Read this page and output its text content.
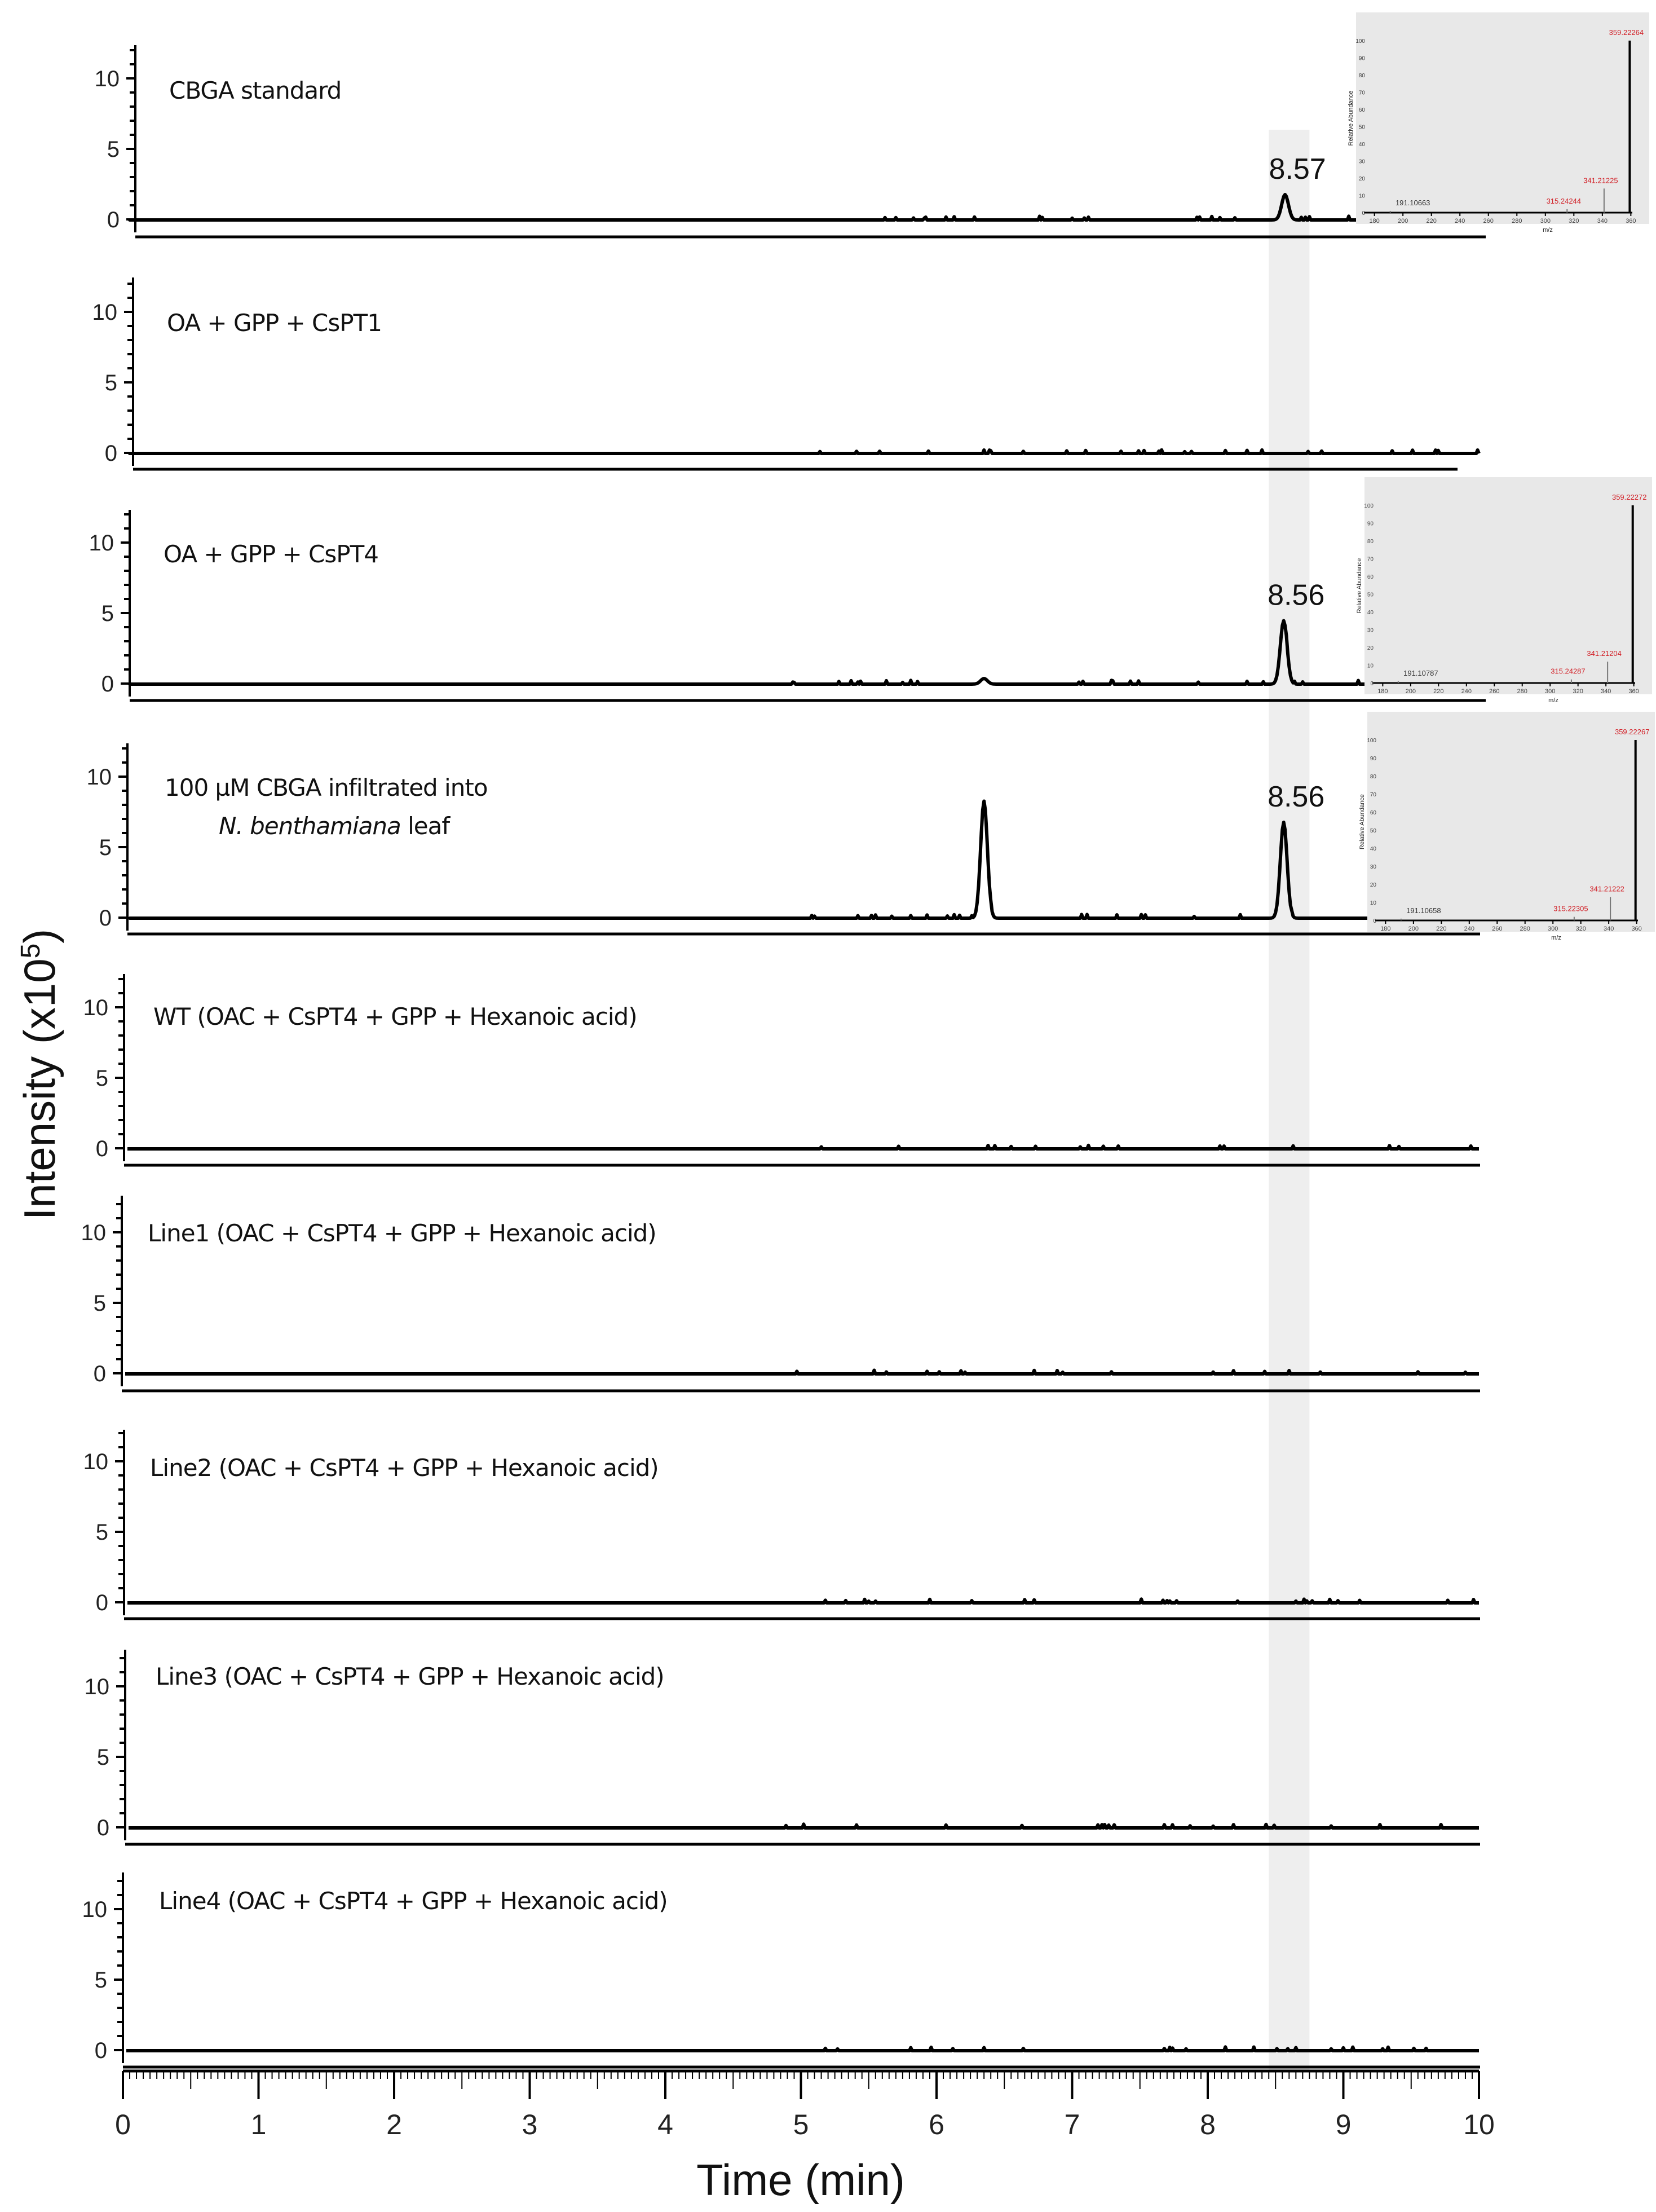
0
5
10
8.57
0
5
10
0
5
10
8.56
0
5
10
8.56
0
5
10
0
5
10
0
5
10
0
5
10
0
5
10
0	1	2	3	4	5	6	7	8	9	10
180	200	220	240	260	280	300	320	340	360
0
10
20
30
40
50
60
70
80
90
100
Relative Abundance
m/z
359.22264
341.21225
315.24244
191.10663
180	200	220	240	260	280	300	320	340	360
0
10
20
30
40
50
60
70
80
90
100
Relative Abundance
m/z
359.22272
341.21204
315.24287
191.10787
180	200	220	240	260	280	300	320	340	360
0
10
20
30
40
50
60
70
80
90
100
Relative Abundance
m/z
359.22267
341.21222
315.22305
191.10658
CBGA standard
OA + GPP + CsPT1
OA + GPP + CsPT4
100 µM CBGA infiltrated into
N. benthamiana leaf
WT (OAC + CsPT4 + GPP + Hexanoic acid)
Line1 (OAC + CsPT4 + GPP + Hexanoic acid)
Line2 (OAC + CsPT4 + GPP + Hexanoic acid)
Line3 (OAC + CsPT4 + GPP + Hexanoic acid)
Line4 (OAC + CsPT4 + GPP + Hexanoic acid)
Intensity $(x10^5)$
Time (min)
